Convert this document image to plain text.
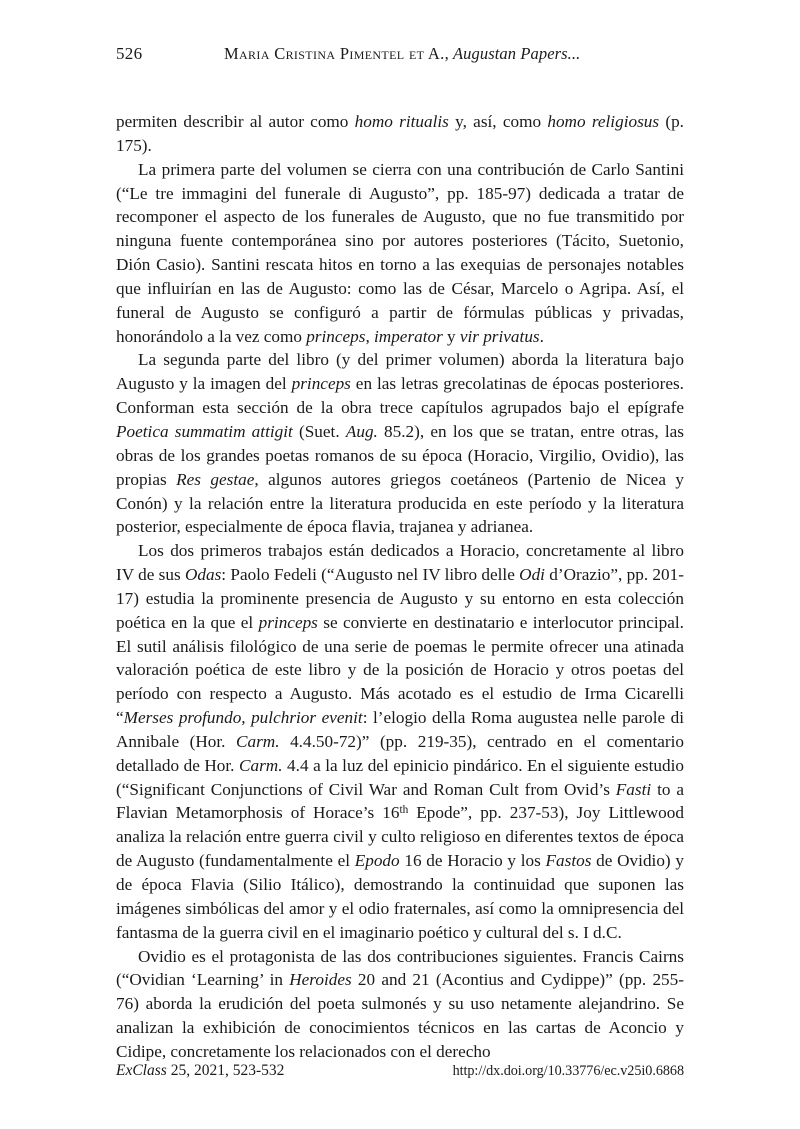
526	Maria Cristina Pimentel et A., Augustan Papers...

permiten describir al autor como homo ritualis y, así, como homo religiosus (p. 175).

La primera parte del volumen se cierra con una contribución de Carlo Santini (“Le tre immagini del funerale di Augusto”, pp. 185-97) dedicada a tratar de recomponer el aspecto de los funerales de Augusto, que no fue transmitido por ninguna fuente contemporánea sino por autores posteriores (Tácito, Suetonio, Dión Casio). Santini rescata hitos en torno a las exequias de personajes notables que influirían en las de Augusto: como las de César, Marcelo o Agripa. Así, el funeral de Augusto se configuró a partir de fórmulas públicas y privadas, honorándolo a la vez como princeps, imperator y vir privatus.

La segunda parte del libro (y del primer volumen) aborda la literatura bajo Augusto y la imagen del princeps en las letras grecolatinas de épocas posteriores. Conforman esta sección de la obra trece capítulos agrupados bajo el epígrafe Poetica summatim attigit (Suet. Aug. 85.2), en los que se tratan, entre otras, las obras de los grandes poetas romanos de su época (Horacio, Virgilio, Ovidio), las propias Res gestae, algunos autores griegos coetáneos (Partenio de Nicea y Conón) y la relación entre la literatura producida en este período y la literatura posterior, especialmente de época flavia, trajanea y adrianea.

Los dos primeros trabajos están dedicados a Horacio, concretamente al libro IV de sus Odas: Paolo Fedeli (“Augusto nel IV libro delle Odi d’Orazio”, pp. 201-17) estudia la prominente presencia de Augusto y su entorno en esta colección poética en la que el princeps se convierte en destinatario e interlocutor principal. El sutil análisis filológico de una serie de poemas le permite ofrecer una atinada valoración poética de este libro y de la posición de Horacio y otros poetas del período con respecto a Augusto. Más acotado es el estudio de Irma Cicarelli “Merses profundo, pulchrior evenit: l’elogio della Roma augustea nelle parole di Annibale (Hor. Carm. 4.4.50-72)” (pp. 219-35), centrado en el comentario detallado de Hor. Carm. 4.4 a la luz del epinicio pindárico. En el siguiente estudio (“Significant Conjunctions of Civil War and Roman Cult from Ovid’s Fasti to a Flavian Metamorphosis of Horace’s 16th Epode”, pp. 237-53), Joy Littlewood analiza la relación entre guerra civil y culto religioso en diferentes textos de época de Augusto (fundamentalmente el Epodo 16 de Horacio y los Fastos de Ovidio) y de época Flavia (Silio Itálico), demostrando la continuidad que suponen las imágenes simbólicas del amor y el odio fraternales, así como la omnipresencia del fantasma de la guerra civil en el imaginario poético y cultural del s. I d.C.

Ovidio es el protagonista de las dos contribuciones siguientes. Francis Cairns (“Ovidian ‘Learning’ in Heroides 20 and 21 (Acontius and Cydippe)” (pp. 255-76) aborda la erudición del poeta sulmonés y su uso netamente alejandrino. Se analizan la exhibición de conocimientos técnicos en las cartas de Aconcio y Cidipe, concretamente los relacionados con el derecho

ExClass 25, 2021, 523-532	http://dx.doi.org/10.33776/ec.v25i0.6868
